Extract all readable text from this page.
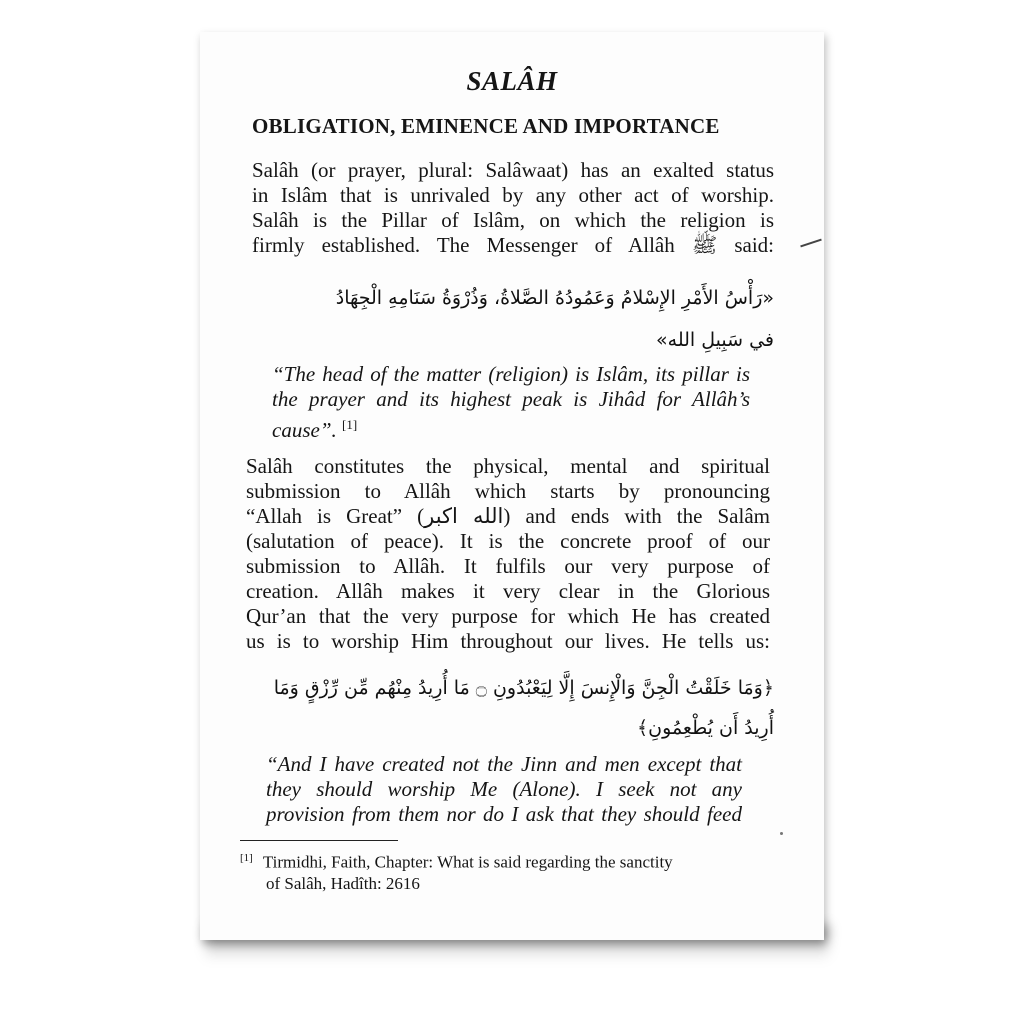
SALÂH
OBLIGATION, EMINENCE AND IMPORTANCE
Salâh (or prayer, plural: Salâwaat) has an exalted status
in Islâm that is unrivaled by any other act of worship.
Salâh is the Pillar of Islâm, on which the religion is
firmly established. The Messenger of Allâh ﷺ said:
«رَأْسُ الأَمْرِ الإِسْلامُ وَعَمُودُهُ الصَّلاةُ، وَذُرْوَةُ سَنَامِهِ الْجِهَادُ
في سَبِيلِ الله»
“The head of the matter (religion) is Islâm, its pillar is
the prayer and its highest peak is Jihâd for Allâh’s
cause”. [1]
Salâh constitutes the physical, mental and spiritual
submission to Allâh which starts by pronouncing
“Allah is Great” (الله اكبر) and ends with the Salâm
(salutation of peace). It is the concrete proof of our
submission to Allâh. It fulfils our very purpose of
creation. Allâh makes it very clear in the Glorious
Qur’an that the very purpose for which He has created
us is to worship Him throughout our lives. He tells us:
﴿وَمَا خَلَقْتُ الْجِنَّ وَالْإِنسَ إِلَّا لِيَعْبُدُونِ ۝ مَا أُرِيدُ مِنْهُم مِّن رِّزْقٍ وَمَا
أُرِيدُ أَن يُطْعِمُونِ﴾
“And I have created not the Jinn and men except that
they should worship Me (Alone). I seek not any
provision from them nor do I ask that they should feed
[1] Tirmidhi, Faith, Chapter: What is said regarding the sanctity
of Salâh, Hadîth: 2616
